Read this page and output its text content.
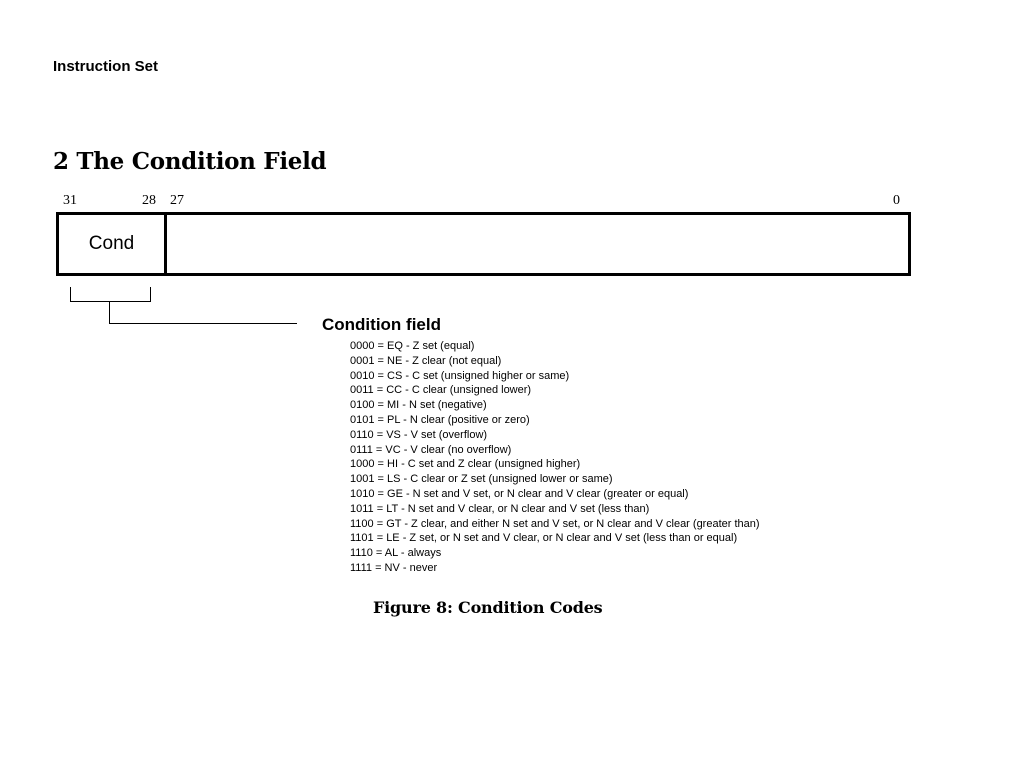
Instruction Set
2 The Condition Field
31	28 27	0
Cond
Condition field
0000 = EQ - Z set (equal)
0001 = NE - Z clear (not equal)
0010 = CS - C set (unsigned higher or same)
0011 = CC - C clear (unsigned lower)
0100 = MI - N set (negative)
0101 = PL - N clear (positive or zero)
0110 = VS - V set (overflow)
0111 = VC - V clear (no overflow)
1000 = HI - C set and Z clear (unsigned higher)
1001 = LS - C clear or Z set (unsigned lower or same)
1010 = GE - N set and V set, or N clear and V clear (greater or equal)
1011 = LT - N set and V clear, or N clear and V set (less than)
1100 = GT - Z clear, and either N set and V set, or N clear and V clear (greater than)
1101 = LE - Z set, or N set and V clear, or N clear and V set (less than or equal)
1110 = AL - always
1111 = NV - never
Figure 8: Condition Codes
